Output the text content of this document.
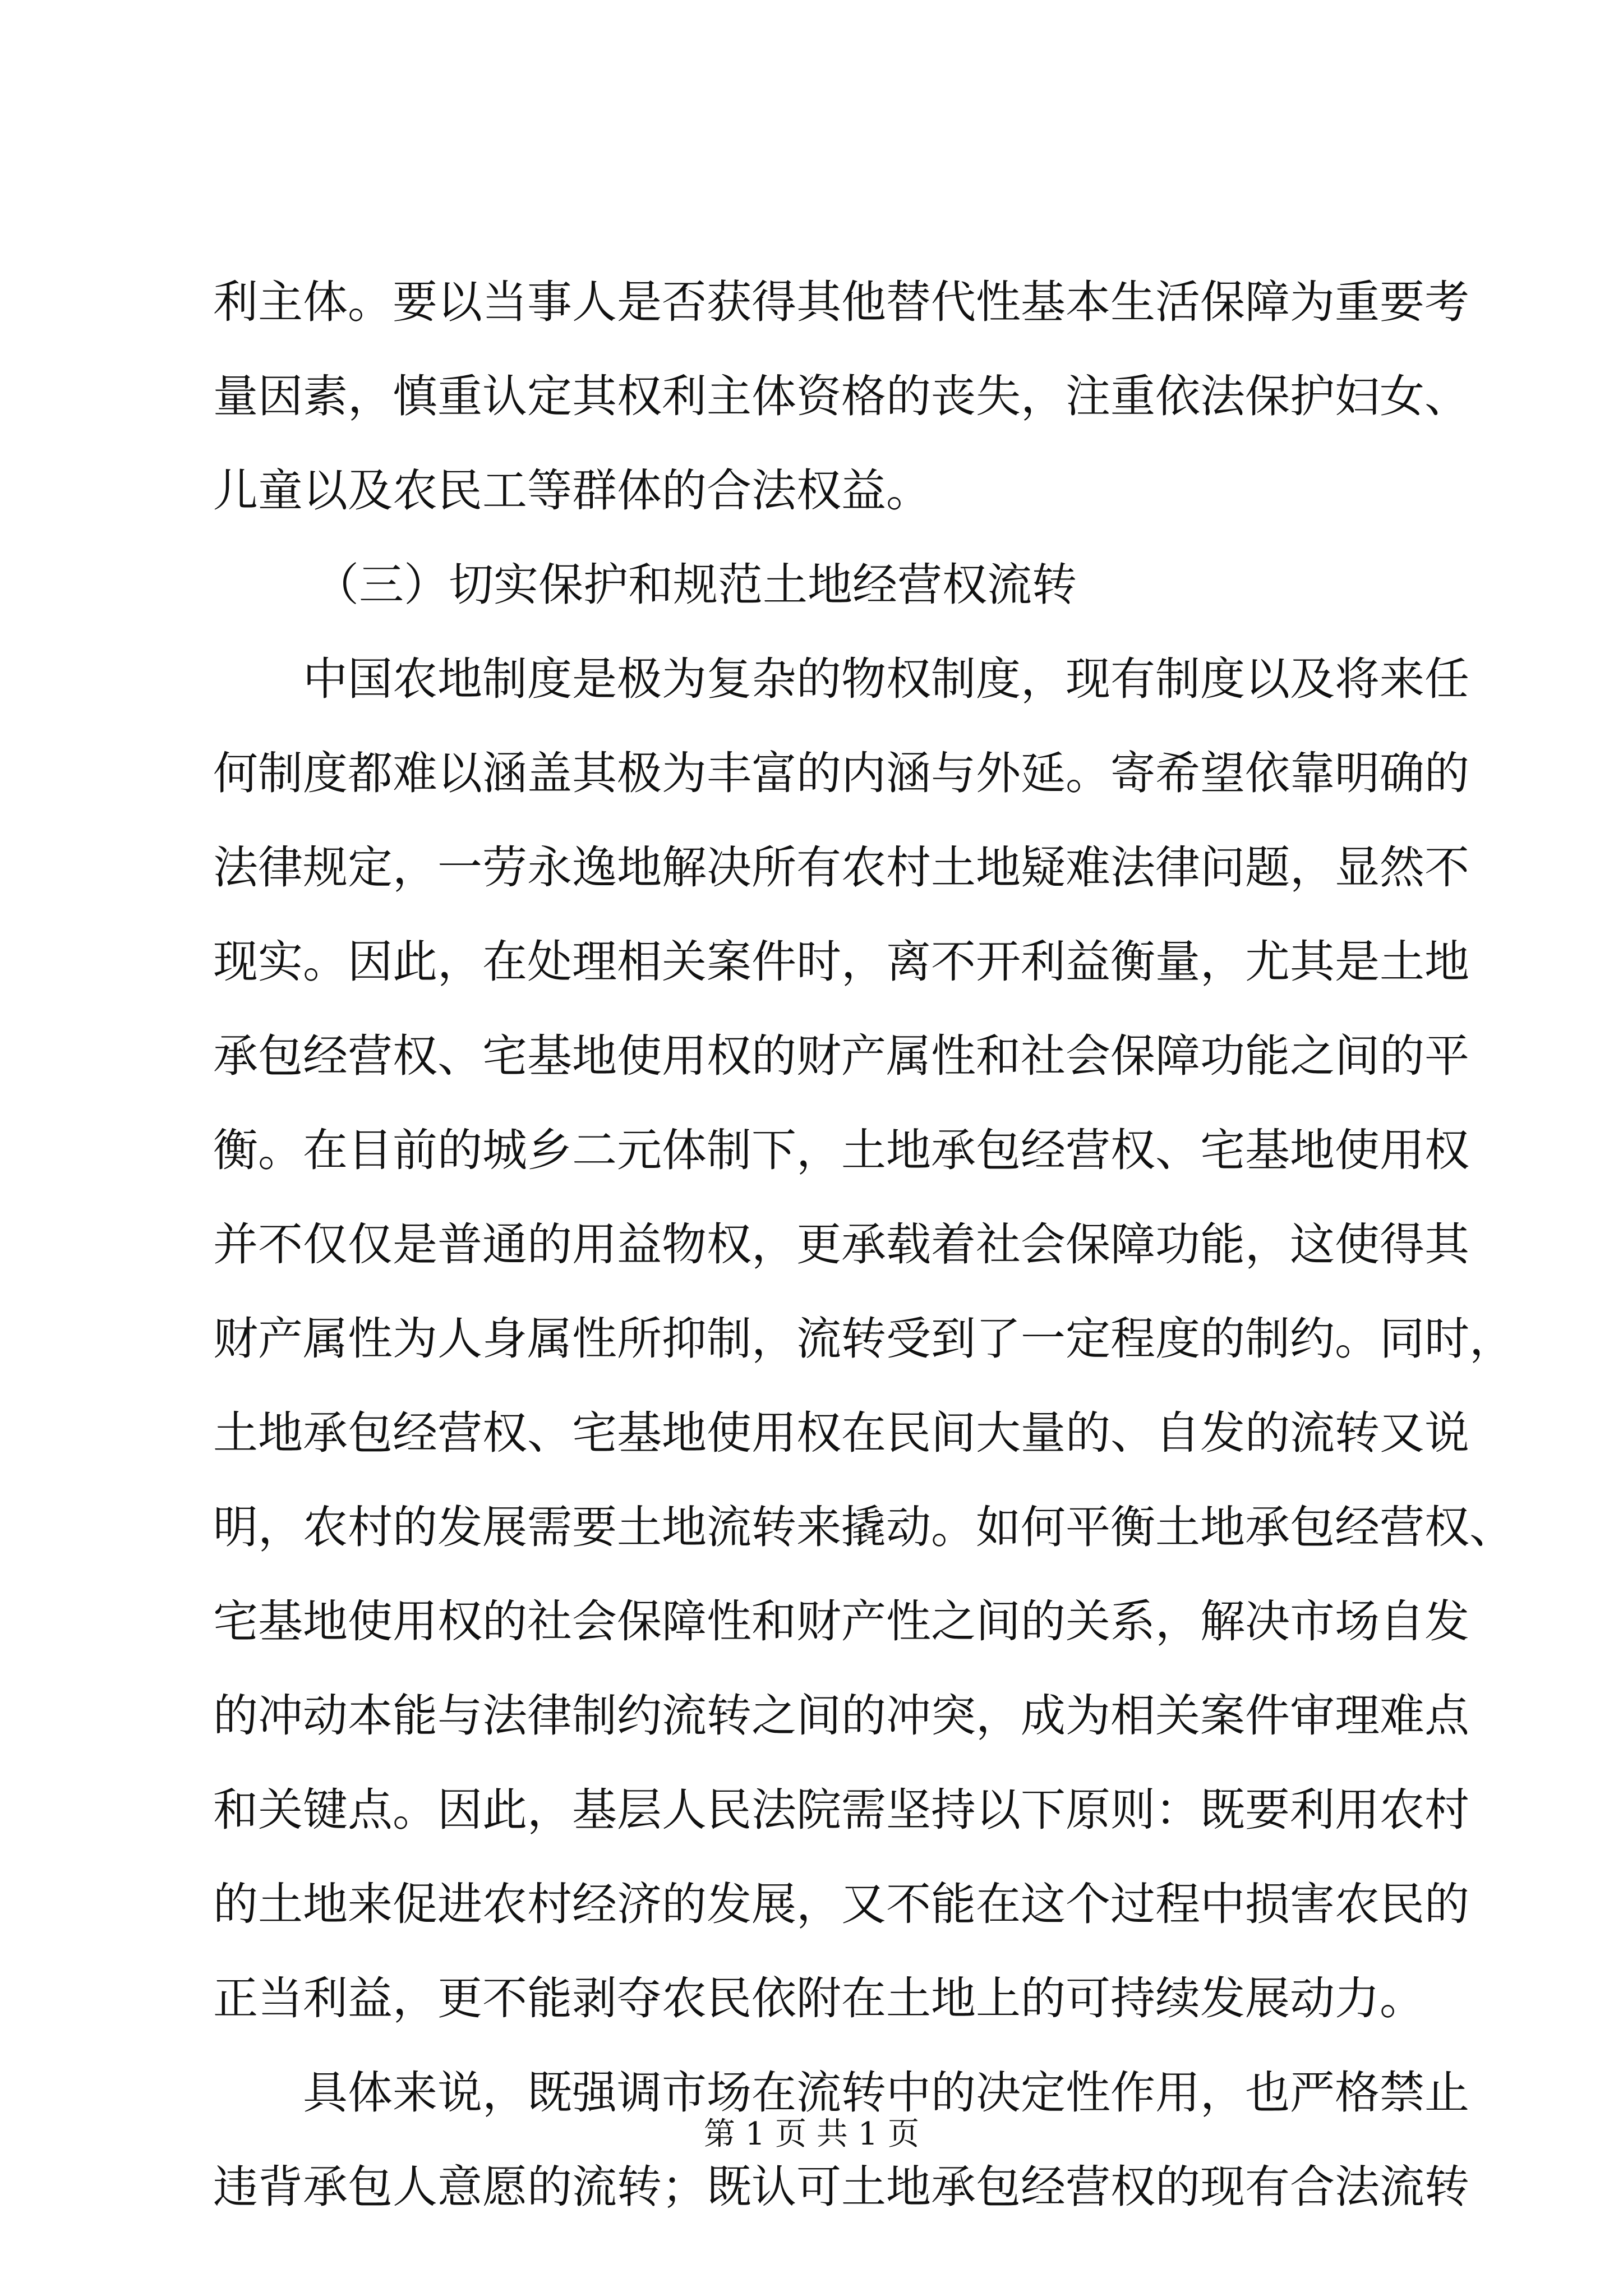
利主体。要以当事人是否获得其他替代性基本生活保障为重要考
量因素，慎重认定其权利主体资格的丧失，注重依法保护妇女、
儿童以及农民工等群体的合法权益。
（三）切实保护和规范土地经营权流转
中国农地制度是极为复杂的物权制度，现有制度以及将来任
何制度都难以涵盖其极为丰富的内涵与外延。寄希望依靠明确的
法律规定，一劳永逸地解决所有农村土地疑难法律问题，显然不
现实。因此，在处理相关案件时，离不开利益衡量，尤其是土地
承包经营权、宅基地使用权的财产属性和社会保障功能之间的平
衡。在目前的城乡二元体制下，土地承包经营权、宅基地使用权
并不仅仅是普通的用益物权，更承载着社会保障功能，这使得其
财产属性为人身属性所抑制，流转受到了一定程度的制约。同时，
土地承包经营权、宅基地使用权在民间大量的、自发的流转又说
明，农村的发展需要土地流转来撬动。如何平衡土地承包经营权、
宅基地使用权的社会保障性和财产性之间的关系，解决市场自发
的冲动本能与法律制约流转之间的冲突，成为相关案件审理难点
和关键点。因此，基层人民法院需坚持以下原则：既要利用农村
的土地来促进农村经济的发展，又不能在这个过程中损害农民的
正当利益，更不能剥夺农民依附在土地上的可持续发展动力。
具体来说，既强调市场在流转中的决定性作用，也严格禁止
违背承包人意愿的流转；既认可土地承包经营权的现有合法流转
第 1 页 共 1 页
